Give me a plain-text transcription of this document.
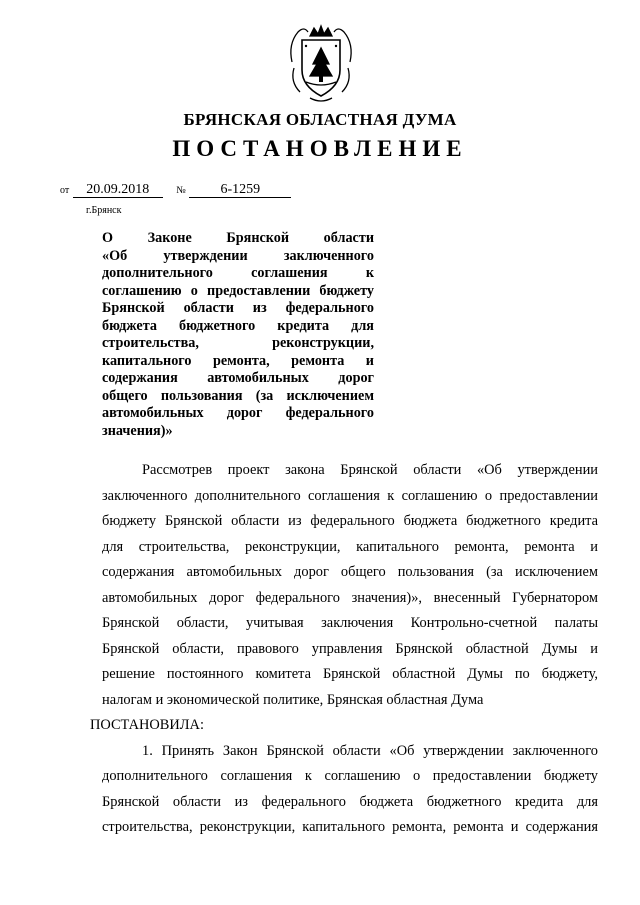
БРЯНСКАЯ ОБЛАСТНАЯ ДУМА
ПОСТАНОВЛЕНИЕ
от 20.09.2018	№ 6-1259
г.Брянск

О Законе Брянской области

«Об утверждении заключенного

дополнительного соглашения к

соглашению о предоставлении бюджету

Брянской области из федерального

бюджета бюджетного кредита для

строительства, реконструкции,

капитального ремонта, ремонта и

содержания автомобильных дорог

общего пользования (за исключением

автомобильных дорог федерального

значения)»

Рассмотрев проект закона Брянской области «Об утверждении

заключенного дополнительного соглашения к соглашению о предоставлении

бюджету Брянской области из федерального бюджета бюджетного кредита

для строительства, реконструкции, капитального ремонта, ремонта и

содержания автомобильных дорог общего пользования (за исключением

автомобильных дорог федерального значения)», внесенный Губернатором

Брянской области, учитывая заключения Контрольно-счетной палаты

Брянской области, правового управления Брянской областной Думы и

решение постоянного комитета Брянской областной Думы по бюджету,

налогам и экономической политике, Брянская областная Дума

ПОСТАНОВИЛА:

1. Принять Закон Брянской области «Об утверждении заключенного

дополнительного соглашения к соглашению о предоставлении бюджету

Брянской области из федерального бюджета бюджетного кредита для

строительства, реконструкции, капитального ремонта, ремонта и содержания
